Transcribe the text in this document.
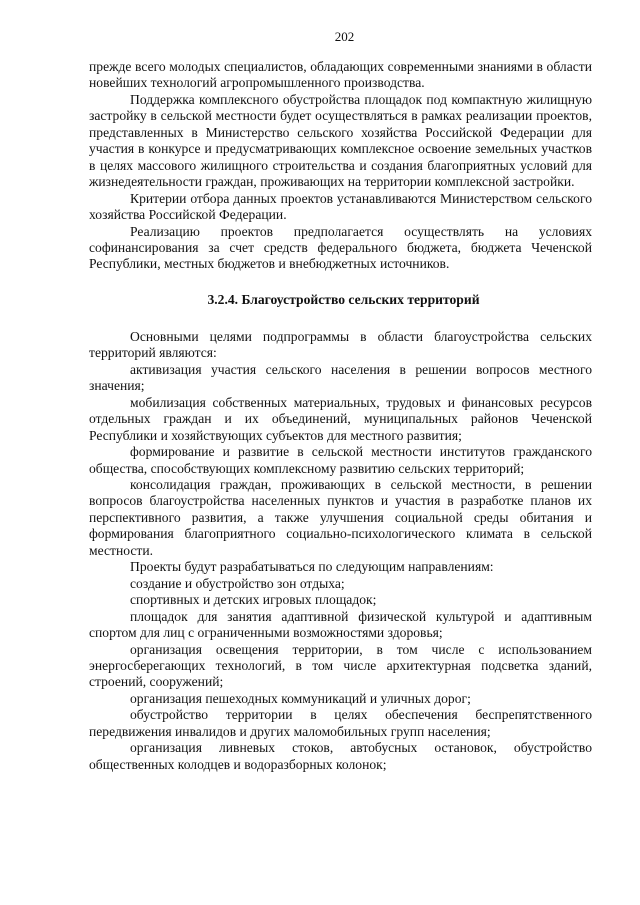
202

прежде всего молодых специалистов, обладающих современными знаниями в области новейших технологий агропромышленного производства.

Поддержка комплексного обустройства площадок под компактную жилищную застройку в сельской местности будет осуществляться в рамках реализации проектов, представленных в Министерство сельского хозяйства Российской Федерации для участия в конкурсе и предусматривающих комплексное освоение земельных участков в целях массового жилищного строительства и создания благоприятных условий для жизнедеятельности граждан, проживающих на территории комплексной застройки.

Критерии отбора данных проектов устанавливаются Министерством сельского хозяйства Российской Федерации.

Реализацию проектов предполагается осуществлять на условиях софинансирования за счет средств федерального бюджета, бюджета Чеченской Республики, местных бюджетов и внебюджетных источников.

3.2.4. Благоустройство сельских территорий

Основными целями подпрограммы в области благоустройства сельских территорий являются:

активизация участия сельского населения в решении вопросов местного значения;

мобилизация собственных материальных, трудовых и финансовых ресурсов отдельных граждан и их объединений, муниципальных районов Чеченской Республики и хозяйствующих субъектов для местного развития;

формирование и развитие в сельской местности институтов гражданского общества, способствующих комплексному развитию сельских территорий;

консолидация граждан, проживающих в сельской местности, в решении вопросов благоустройства населенных пунктов и участия в разработке планов их перспективного развития, а также улучшения социальной среды обитания и формирования благоприятного социально-психологического климата в сельской местности.

Проекты будут разрабатываться по следующим направлениям:

создание и обустройство зон отдыха;

спортивных и детских игровых площадок;

площадок для занятия адаптивной физической культурой и адаптивным спортом для лиц с ограниченными возможностями здоровья;

организация освещения территории, в том числе с использованием энергосберегающих технологий, в том числе архитектурная подсветка зданий, строений, сооружений;

организация пешеходных коммуникаций и уличных дорог;

обустройство территории в целях обеспечения беспрепятственного передвижения инвалидов и других маломобильных групп населения;

организация ливневых стоков, автобусных остановок, обустройство общественных колодцев и водоразборных колонок;
